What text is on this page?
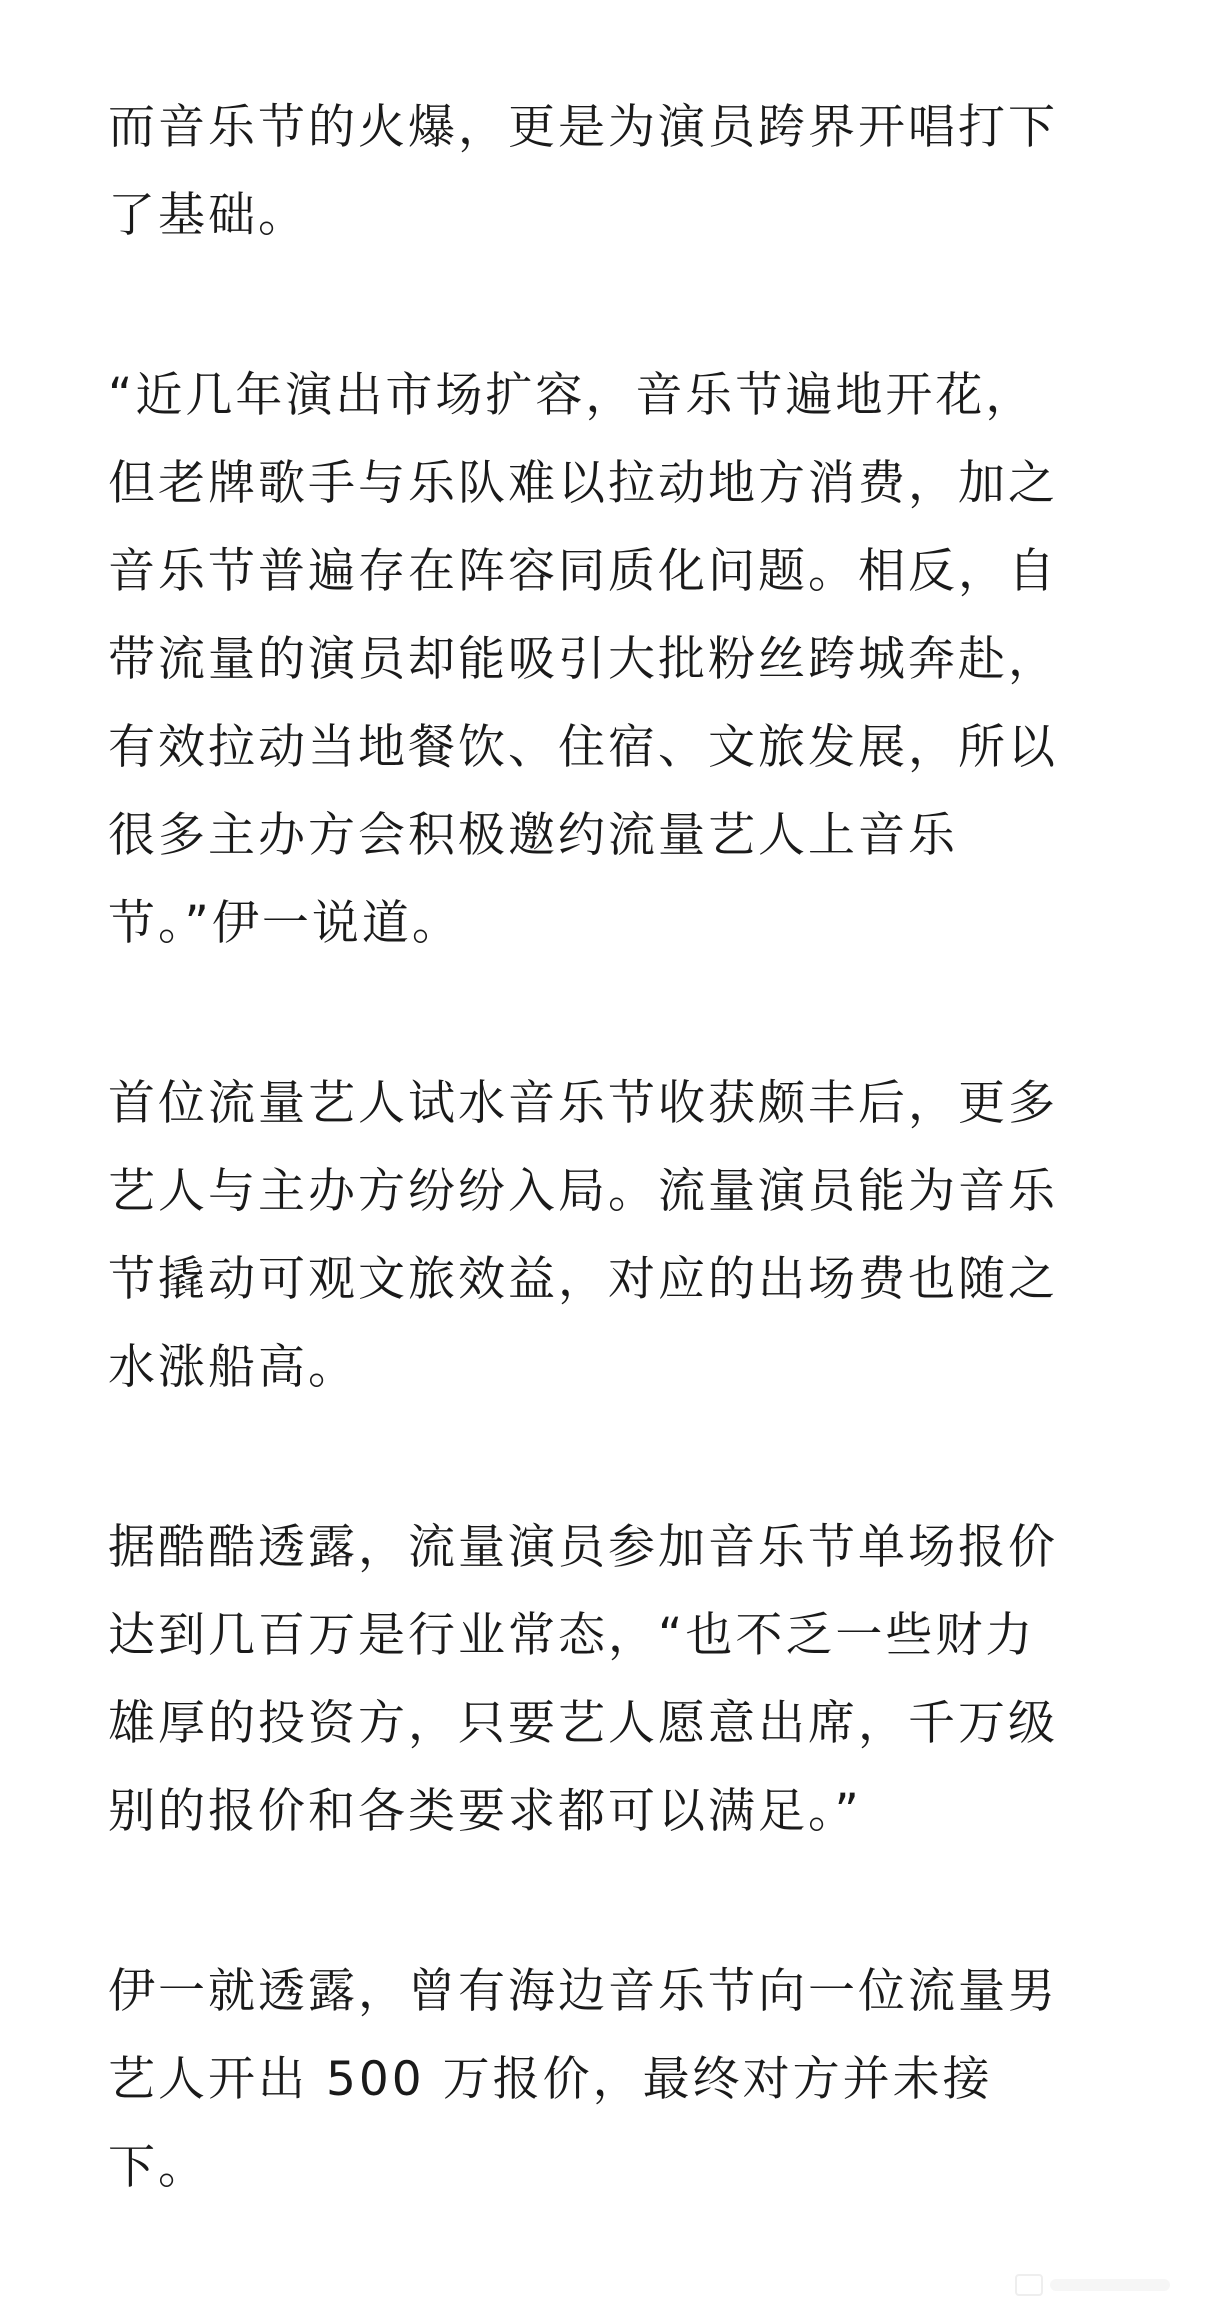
而音乐节的火爆，更是为演员跨界开唱打下
了基础。

“近几年演出市场扩容，音乐节遍地开花，
但老牌歌手与乐队难以拉动地方消费，加之
音乐节普遍存在阵容同质化问题。相反，自
带流量的演员却能吸引大批粉丝跨城奔赴，
有效拉动当地餐饮、住宿、文旅发展，所以
很多主办方会积极邀约流量艺人上音乐
节。”伊一说道。

首位流量艺人试水音乐节收获颇丰后，更多
艺人与主办方纷纷入局。流量演员能为音乐
节撬动可观文旅效益，对应的出场费也随之
水涨船高。

据酷酷透露，流量演员参加音乐节单场报价
达到几百万是行业常态，“也不乏一些财力
雄厚的投资方，只要艺人愿意出席，千万级
别的报价和各类要求都可以满足。”

伊一就透露，曾有海边音乐节向一位流量男
艺人开出 500 万报价，最终对方并未接
下。
